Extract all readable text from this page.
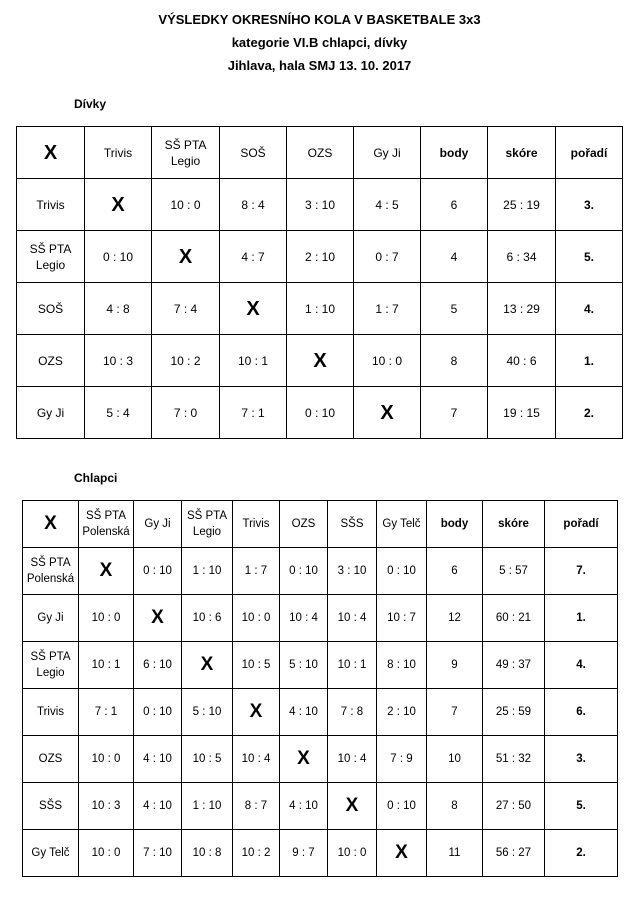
VÝSLEDKY OKRESNÍHO KOLA V BASKETBALE 3x3
kategorie VI.B chlapci, dívky
Jihlava, hala SMJ 13. 10. 2017
Dívky
X	Trivis	SŠ PTA Legio	SOŠ	OZS	Gy Ji	body	skóre	pořadí
Trivis	X	10 : 0	8 : 4	3 : 10	4 : 5	6	25 : 19	3.
SŠ PTA Legio	0 : 10	X	4 : 7	2 : 10	0 : 7	4	6 : 34	5.
SOŠ	4 : 8	7 : 4	X	1 : 10	1 : 7	5	13 : 29	4.
OZS	10 : 3	10 : 2	10 : 1	X	10 : 0	8	40 : 6	1.
Gy Ji	5 : 4	7 : 0	7 : 1	0 : 10	X	7	19 : 15	2.
Chlapci
X	SŠ PTA Polenská	Gy Ji	SŠ PTA Legio	Trivis	OZS	SŠS	Gy Telč	body	skóre	pořadí
SŠ PTA Polenská	X	0 : 10	1 : 10	1 : 7	0 : 10	3 : 10	0 : 10	6	5 : 57	7.
Gy Ji	10 : 0	X	10 : 6	10 : 0	10 : 4	10 : 4	10 : 7	12	60 : 21	1.
SŠ PTA Legio	10 : 1	6 : 10	X	10 : 5	5 : 10	10 : 1	8 : 10	9	49 : 37	4.
Trivis	7 : 1	0 : 10	5 : 10	X	4 : 10	7 : 8	2 : 10	7	25 : 59	6.
OZS	10 : 0	4 : 10	10 : 5	10 : 4	X	10 : 4	7 : 9	10	51 : 32	3.
SŠS	10 : 3	4 : 10	1 : 10	8 : 7	4 : 10	X	0 : 10	8	27 : 50	5.
Gy Telč	10 : 0	7 : 10	10 : 8	10 : 2	9 : 7	10 : 0	X	11	56 : 27	2.
